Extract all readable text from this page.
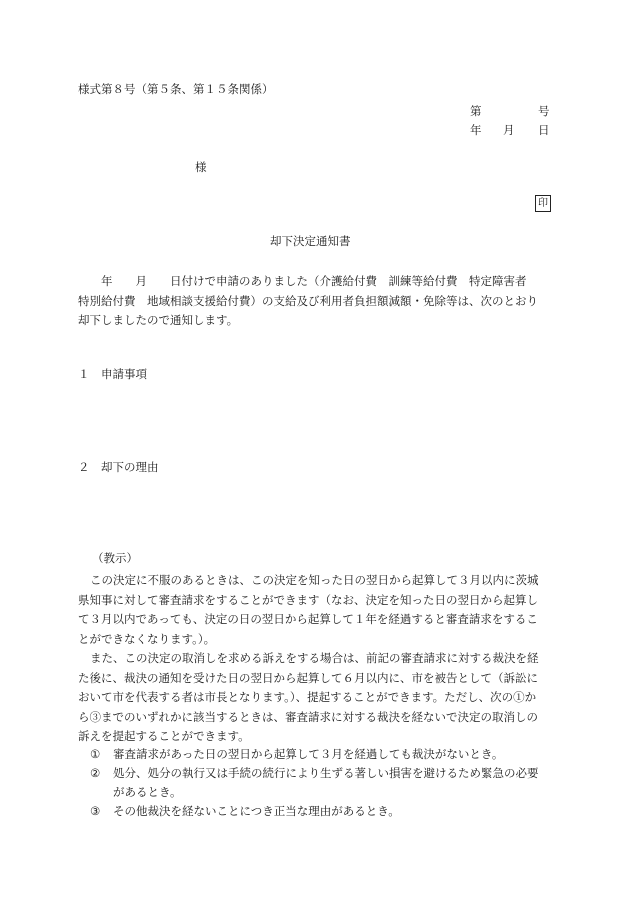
様式第８号（第５条、第１５条関係）
第	号
年 月 日
様
印
却下決定通知書
　　年　　月　　日付けで申請のありました（介護給付費　訓練等給付費　特定障害者
特別給付費　地域相談支援給付費）の支給及び利用者負担額減額・免除等は、次のとおり
却下しましたので通知します。
１　申請事項
２　却下の理由
（教示）
この決定に不服のあるときは、この決定を知った日の翌日から起算して３月以内に茨城
県知事に対して審査請求をすることができます（なお、決定を知った日の翌日から起算し
て３月以内であっても、決定の日の翌日から起算して１年を経過すると審査請求をするこ
とができなくなります。）。
また、この決定の取消しを求める訴えをする場合は、前記の審査請求に対する裁決を経
た後に、裁決の通知を受けた日の翌日から起算して６月以内に、市を被告として（訴訟に
おいて市を代表する者は市長となります。）、提起することができます。ただし、次の①か
ら③までのいずれかに該当するときは、審査請求に対する裁決を経ないで決定の取消しの
訴えを提起することができます。
① 審査請求があった日の翌日から起算して３月を経過しても裁決がないとき。
② 処分、処分の執行又は手続の続行により生ずる著しい損害を避けるため緊急の必要
があるとき。
③ その他裁決を経ないことにつき正当な理由があるとき。
